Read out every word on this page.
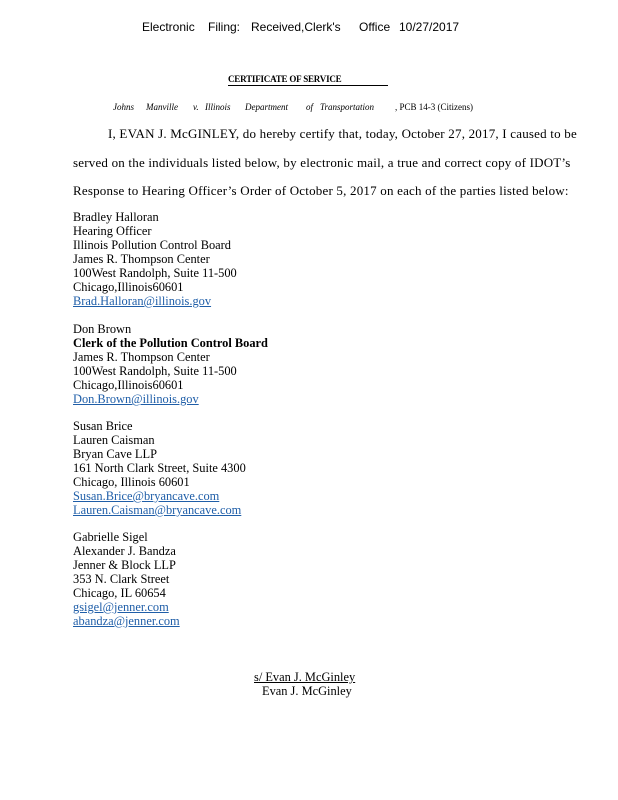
Electronic Filing: Received,Clerk's Office 10/27/2017
CERTIFICATE OF SERVICE
Johns Manville v. Illinois Department of Transportation , PCB 14-3 (Citizens)
I, EVAN J. McGINLEY, do hereby certify that, today, October 27, 2017, I caused to be
served on the individuals listed below, by electronic mail, a true and correct copy of IDOT’s
Response to Hearing Officer’s Order of October 5, 2017 on each of the parties listed below:
Bradley Halloran
Hearing Officer
Illinois Pollution Control Board
James R. Thompson Center
100West Randolph, Suite 11-500
Chicago,Illinois60601
Brad.Halloran@illinois.gov
Don Brown
Clerk of the Pollution Control Board
James R. Thompson Center
100West Randolph, Suite 11-500
Chicago,Illinois60601
Don.Brown@illinois.gov
Susan Brice
Lauren Caisman
Bryan Cave LLP
161 North Clark Street, Suite 4300
Chicago, Illinois 60601
Susan.Brice@bryancave.com
Lauren.Caisman@bryancave.com
Gabrielle Sigel
Alexander J. Bandza
Jenner & Block LLP
353 N. Clark Street
Chicago, IL 60654
gsigel@jenner.com
abandza@jenner.com
s/ Evan J. McGinley
Evan J. McGinley
